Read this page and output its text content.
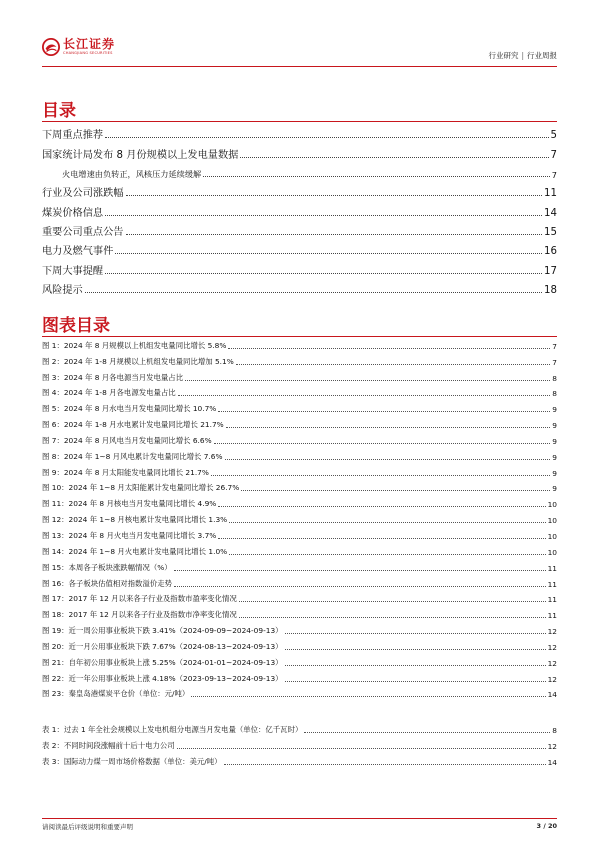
长江证券
CHANGJIANG SECURITIES	行业研究 | 行业周报
目录
下周重点推荐	5
国家统计局发布 8 月份规模以上发电量数据	7
火电增速由负转正，风核压力延续缓解	7
行业及公司涨跌幅	11
煤炭价格信息	14
重要公司重点公告	15
电力及燃气事件	16
下周大事提醒	17
风险提示	18
图表目录
图 1：2024 年 8 月规模以上机组发电量同比增长 5.8%	7
图 2：2024 年 1-8 月规模以上机组发电量同比增加 5.1%	7
图 3：2024 年 8 月各电源当月发电量占比	8
图 4：2024 年 1-8 月各电源发电量占比	8
图 5：2024 年 8 月水电当月发电量同比增长 10.7%	9
图 6：2024 年 1-8 月水电累计发电量同比增长 21.7%	9
图 7：2024 年 8 月风电当月发电量同比增长 6.6%	9
图 8：2024 年 1~8 月风电累计发电量同比增长 7.6%	9
图 9：2024 年 8 月太阳能发电量同比增长 21.7%	9
图 10：2024 年 1~8 月太阳能累计发电量同比增长 26.7%	9
图 11：2024 年 8 月核电当月发电量同比增长 4.9%	10
图 12：2024 年 1~8 月核电累计发电量同比增长 1.3%	10
图 13：2024 年 8 月火电当月发电量同比增长 3.7%	10
图 14：2024 年 1~8 月火电累计发电量同比增长 1.0%	10
图 15：本周各子板块涨跌幅情况（%）	11
图 16：各子板块估值相对指数溢价走势	11
图 17：2017 年 12 月以来各子行业及指数市盈率变化情况	11
图 18：2017 年 12 月以来各子行业及指数市净率变化情况	11
图 19：近一周公用事业板块下跌 3.41%（2024-09-09~2024-09-13）	12
图 20：近一月公用事业板块下跌 7.67%（2024-08-13~2024-09-13）	12
图 21：自年初公用事业板块上涨 5.25%（2024-01-01~2024-09-13）	12
图 22：近一年公用事业板块上涨 4.18%（2023-09-13~2024-09-13）	12
图 23：秦皇岛港煤炭平仓价（单位：元/吨）	14
表 1：过去 1 年全社会规模以上发电机组分电源当月发电量（单位：亿千瓦时）	8
表 2：不同时间段涨幅前十后十电力公司	12
表 3：国际动力煤一周市场价格数据（单位：美元/吨）	14
请阅读最后评级说明和重要声明	3 / 20
